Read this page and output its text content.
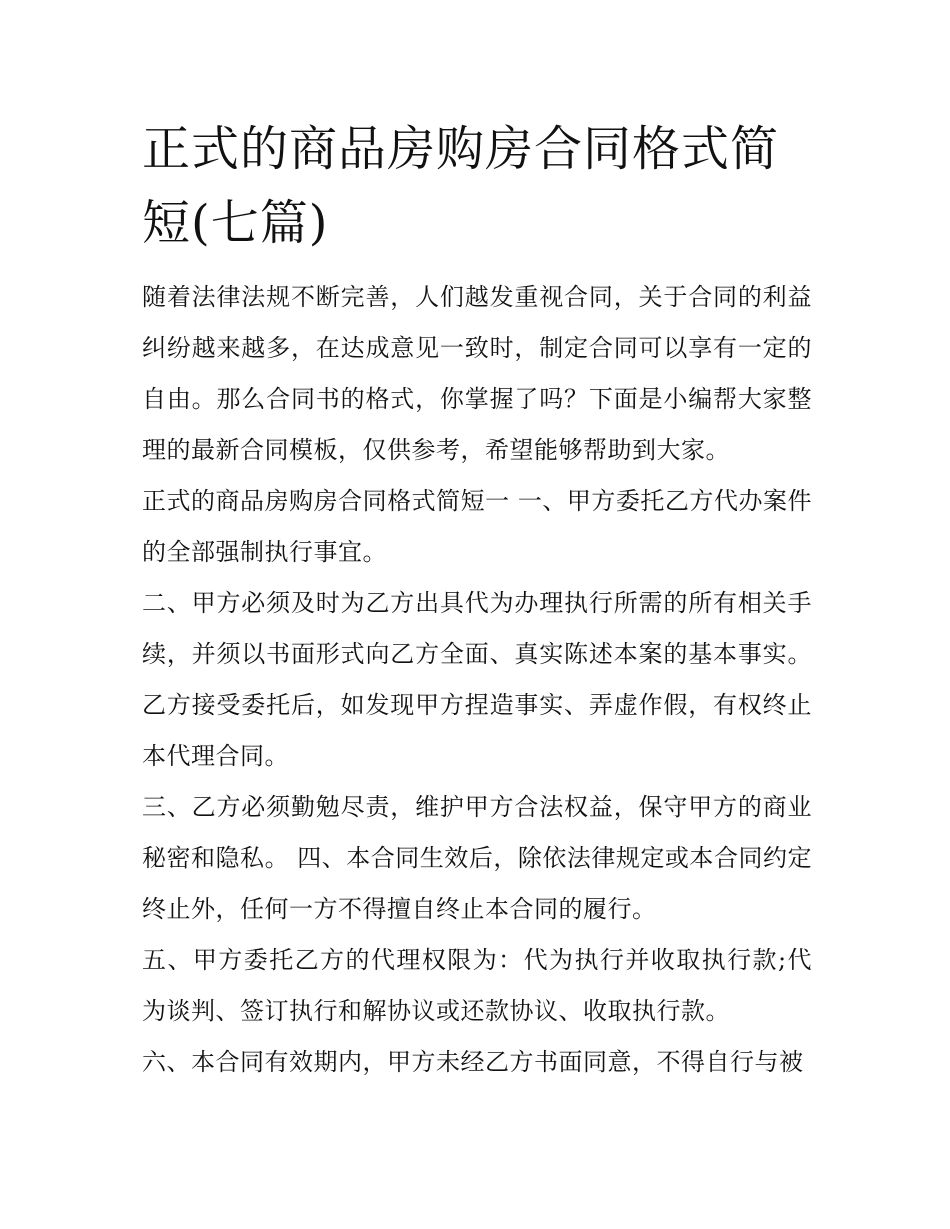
正式的商品房购房合同格式简短(七篇)

随着法律法规不断完善，人们越发重视合同，关于合同的利益纠纷越来越多，在达成意见一致时，制定合同可以享有一定的自由。那么合同书的格式，你掌握了吗？下面是小编帮大家整理的最新合同模板，仅供参考，希望能够帮助到大家。

正式的商品房购房合同格式简短一 一、甲方委托乙方代办案件的全部强制执行事宜。

二、甲方必须及时为乙方出具代为办理执行所需的所有相关手续，并须以书面形式向乙方全面、真实陈述本案的基本事实。乙方接受委托后，如发现甲方捏造事实、弄虚作假，有权终止本代理合同。

三、乙方必须勤勉尽责，维护甲方合法权益，保守甲方的商业秘密和隐私。 四、本合同生效后，除依法律规定或本合同约定终止外，任何一方不得擅自终止本合同的履行。

五、甲方委托乙方的代理权限为：代为执行并收取执行款;代为谈判、签订执行和解协议或还款协议、收取执行款。

六、本合同有效期内，甲方未经乙方书面同意，不得自行与被
